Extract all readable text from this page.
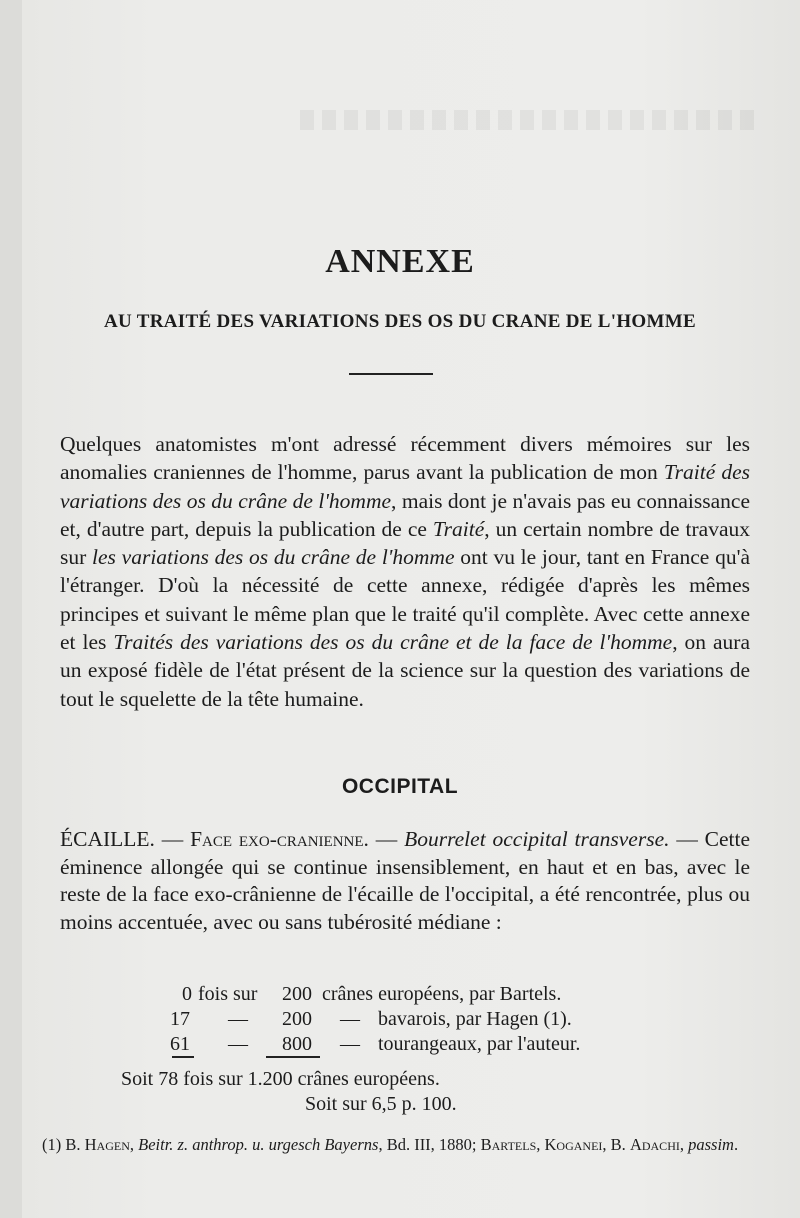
ANNEXE
AU TRAITÉ DES VARIATIONS DES OS DU CRANE DE L'HOMME

Quelques anatomistes m'ont adressé récemment divers mémoires sur les anomalies craniennes de l'homme, parus avant la publication de mon Traité des variations des os du crâne de l'homme, mais dont je n'avais pas eu connaissance et, d'autre part, depuis la publication de ce Traité, un certain nombre de travaux sur les variations des os du crâne de l'homme ont vu le jour, tant en France qu'à l'étranger. D'où la nécessité de cette annexe, rédigée d'après les mêmes principes et suivant le même plan que le traité qu'il complète. Avec cette annexe et les Traités des variations des os du crâne et de la face de l'homme, on aura un exposé fidèle de l'état présent de la science sur la question des variations de tout le squelette de la tête humaine.

OCCIPITAL

ÉCAILLE. — Face exo-cranienne. — Bourrelet occipital transverse. — Cette éminence allongée qui se continue insensiblement, en haut et en bas, avec le reste de la face exo-crânienne de l'écaille de l'occipital, a été rencontrée, plus ou moins accentuée, avec ou sans tubérosité médiane :

0 fois sur	200 crânes européens, par Bartels.
17 —	200 — bavarois, par Hagen (1).
61 —	800 — tourangeaux, par l'auteur.
Soit 78 fois sur 1.200 crânes européens.
Soit sur 6,5 p. 100.

(1) B. Hagen, Beitr. z. anthrop. u. urgesch Bayerns, Bd. III, 1880; Bartels, Koganei, B. Adachi, passim.
